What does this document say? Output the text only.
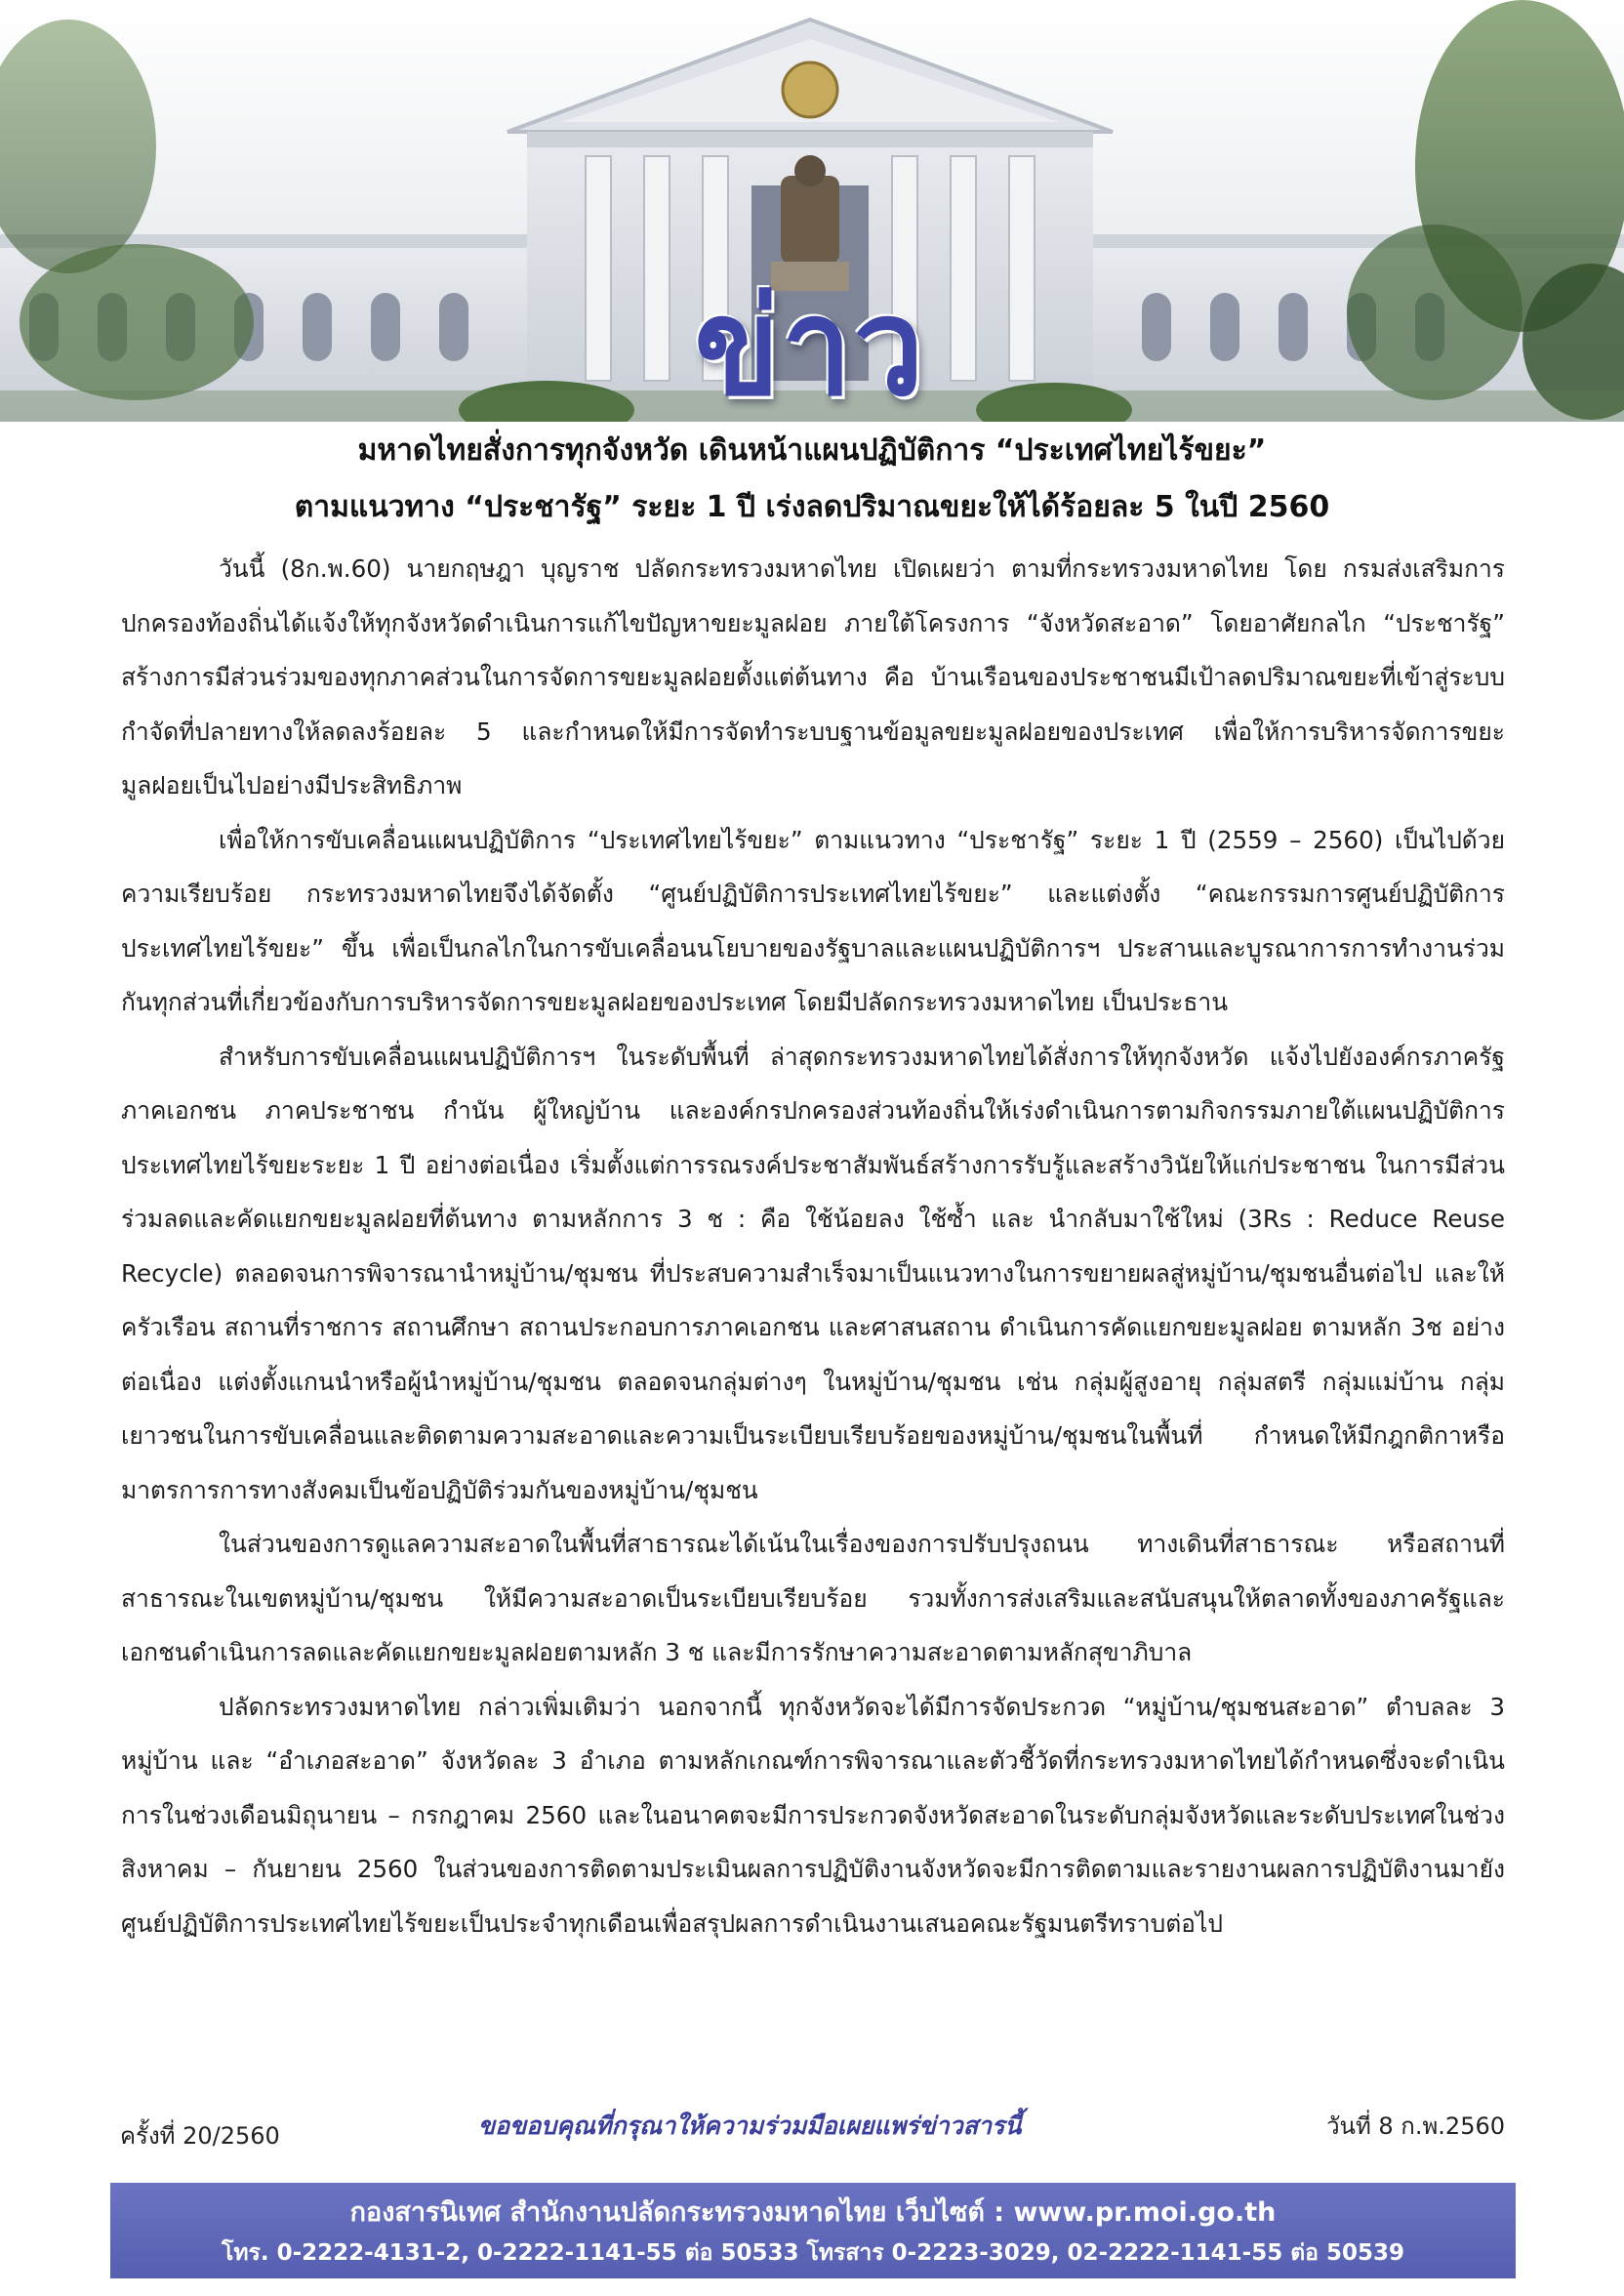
ข่าว
มหาดไทยสั่งการทุกจังหวัด เดินหน้าแผนปฏิบัติการ “ประเทศไทยไร้ขยะ”
ตามแนวทาง “ประชารัฐ” ระยะ 1 ปี เร่งลดปริมาณขยะให้ได้ร้อยละ 5 ในปี 2560

วันนี้ (8ก.พ.60) นายกฤษฎา บุญราช ปลัดกระทรวงมหาดไทย เปิดเผยว่า ตามที่กระทรวงมหาดไทย โดย กรมส่งเสริมการปกครองท้องถิ่นได้แจ้งให้ทุกจังหวัดดำเนินการแก้ไขปัญหาขยะมูลฝอย ภายใต้โครงการ “จังหวัดสะอาด” โดยอาศัยกลไก “ประชารัฐ” สร้างการมีส่วนร่วมของทุกภาคส่วนในการจัดการขยะมูลฝอยตั้งแต่ต้นทาง คือ บ้านเรือนของประชาชนมีเป้าลดปริมาณขยะที่เข้าสู่ระบบกำจัดที่ปลายทางให้ลดลงร้อยละ 5 และกำหนดให้มีการจัดทำระบบฐานข้อมูลขยะมูลฝอยของประเทศ เพื่อให้การบริหารจัดการขยะมูลฝอยเป็นไปอย่างมีประสิทธิภาพ

เพื่อให้การขับเคลื่อนแผนปฏิบัติการ “ประเทศไทยไร้ขยะ” ตามแนวทาง “ประชารัฐ” ระยะ 1 ปี (2559 – 2560) เป็นไปด้วยความเรียบร้อย กระทรวงมหาดไทยจึงได้จัดตั้ง “ศูนย์ปฏิบัติการประเทศไทยไร้ขยะ” และแต่งตั้ง “คณะกรรมการศูนย์ปฏิบัติการประเทศไทยไร้ขยะ” ขึ้น เพื่อเป็นกลไกในการขับเคลื่อนนโยบายของรัฐบาลและแผนปฏิบัติการฯ ประสานและบูรณาการการทำงานร่วมกันทุกส่วนที่เกี่ยวข้องกับการบริหารจัดการขยะมูลฝอยของประเทศ โดยมีปลัดกระทรวงมหาดไทย เป็นประธาน

สำหรับการขับเคลื่อนแผนปฏิบัติการฯ ในระดับพื้นที่ ล่าสุดกระทรวงมหาดไทยได้สั่งการให้ทุกจังหวัด แจ้งไปยังองค์กรภาครัฐ ภาคเอกชน ภาคประชาชน กำนัน ผู้ใหญ่บ้าน และองค์กรปกครองส่วนท้องถิ่นให้เร่งดำเนินการตามกิจกรรมภายใต้แผนปฏิบัติการประเทศไทยไร้ขยะระยะ 1 ปี อย่างต่อเนื่อง เริ่มตั้งแต่การรณรงค์ประชาสัมพันธ์สร้างการรับรู้และสร้างวินัยให้แก่ประชาชน ในการมีส่วนร่วมลดและคัดแยกขยะมูลฝอยที่ต้นทาง ตามหลักการ 3 ช : คือ ใช้น้อยลง ใช้ซ้ำ และ นำกลับมาใช้ใหม่ (3Rs : Reduce Reuse Recycle) ตลอดจนการพิจารณานำหมู่บ้าน/ชุมชน ที่ประสบความสำเร็จมาเป็นแนวทางในการขยายผลสู่หมู่บ้าน/ชุมชนอื่นต่อไป และให้ครัวเรือน สถานที่ราชการ สถานศึกษา สถานประกอบการภาคเอกชน และศาสนสถาน ดำเนินการคัดแยกขยะมูลฝอย ตามหลัก 3ช อย่างต่อเนื่อง แต่งตั้งแกนนำหรือผู้นำหมู่บ้าน/ชุมชน ตลอดจนกลุ่มต่างๆ ในหมู่บ้าน/ชุมชน เช่น กลุ่มผู้สูงอายุ กลุ่มสตรี กลุ่มแม่บ้าน กลุ่มเยาวชนในการขับเคลื่อนและติดตามความสะอาดและความเป็นระเบียบเรียบร้อยของหมู่บ้าน/ชุมชนในพื้นที่ กำหนดให้มีกฎกติกาหรือมาตรการการทางสังคมเป็นข้อปฏิบัติร่วมกันของหมู่บ้าน/ชุมชน

ในส่วนของการดูแลความสะอาดในพื้นที่สาธารณะได้เน้นในเรื่องของการปรับปรุงถนน ทางเดินที่สาธารณะ หรือสถานที่สาธารณะในเขตหมู่บ้าน/ชุมชน ให้มีความสะอาดเป็นระเบียบเรียบร้อย รวมทั้งการส่งเสริมและสนับสนุนให้ตลาดทั้งของภาครัฐและเอกชนดำเนินการลดและคัดแยกขยะมูลฝอยตามหลัก 3 ช และมีการรักษาความสะอาดตามหลักสุขาภิบาล

ปลัดกระทรวงมหาดไทย กล่าวเพิ่มเติมว่า นอกจากนี้ ทุกจังหวัดจะได้มีการจัดประกวด “หมู่บ้าน/ชุมชนสะอาด” ตำบลละ 3 หมู่บ้าน และ “อำเภอสะอาด” จังหวัดละ 3 อำเภอ ตามหลักเกณฑ์การพิจารณาและตัวชี้วัดที่กระทรวงมหาดไทยได้กำหนดซึ่งจะดำเนินการในช่วงเดือนมิถุนายน – กรกฎาคม 2560 และในอนาคตจะมีการประกวดจังหวัดสะอาดในระดับกลุ่มจังหวัดและระดับประเทศในช่วงสิงหาคม – กันยายน 2560 ในส่วนของการติดตามประเมินผลการปฏิบัติงานจังหวัดจะมีการติดตามและรายงานผลการปฏิบัติงานมายังศูนย์ปฏิบัติการประเทศไทยไร้ขยะเป็นประจำทุกเดือนเพื่อสรุปผลการดำเนินงานเสนอคณะรัฐมนตรีทราบต่อไป

ครั้งที่ 20/2560	ขอขอบคุณที่กรุณาให้ความร่วมมือเผยแพร่ข่าวสารนี้	วันที่ 8 ก.พ.2560
กองสารนิเทศ สำนักงานปลัดกระทรวงมหาดไทย เว็บไซต์ : www.pr.moi.go.th
โทร. 0-2222-4131-2, 0-2222-1141-55 ต่อ 50533 โทรสาร 0-2223-3029, 02-2222-1141-55 ต่อ 50539
